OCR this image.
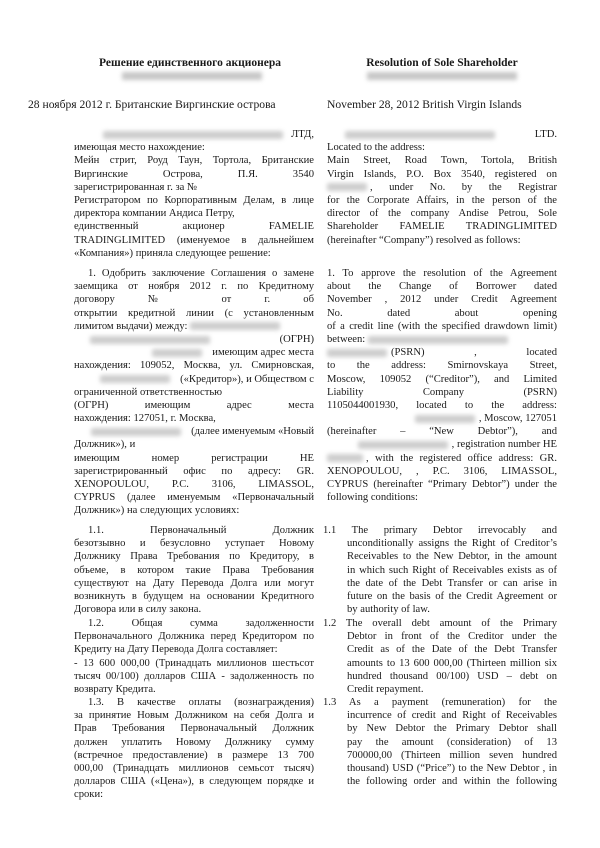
Решение единственного акционера
28 ноября 2012 г. Британские Виргинские острова
ЛТД,
имеющая место нахождение:
Мейн стрит, Роуд Таун, Тортола, Британские
Виргинские Острова, П.Я. 3540
зарегистрированная г. за №
Регистратором по Корпоративным Делам, в лице
директора компании Андиса Петру,
единственный акционер FAMELIE
TRADINGLIMITED (именуемое в дальнейшем
«Компания») приняла следующее решение:
1. Одобрить заключение Соглашения о замене
заемщика от ноября 2012 г. по Кредитному
договору № от г. об
открытии кредитной линии (с установленным
лимитом выдачи) между:
(ОГРН)
имеющим адрес места
нахождения: 109052, Москва, ул. Смирновская,
(«Кредитор»), и Обществом с
ограниченной ответственностью
(ОГРН) имеющим адрес места
нахождения: 127051, г. Москва,
(далее именуемым «Новый
Должник»), и
имеющим номер регистрации HE
зарегистрированный офис по адресу: GR.
XENOPOULOU, P.C. 3106, LIMASSOL,
CYPRUS (далее именуемым «Первоначальный
Должник») на следующих условиях:
1.1. Первоначальный Должник
безотзывно и безусловно уступает Новому
Должнику Права Требования по Кредитору, в
объеме, в котором такие Права Требования
существуют на Дату Перевода Долга или могут
возникнуть в будущем на основании Кредитного
Договора или в силу закона.
1.2. Общая сумма задолженности
Первоначального Должника перед Кредитором по
Кредиту на Дату Перевода Долга составляет:
- 13 600 000,00 (Тринадцать миллионов шестьсот
тысяч 00/100) долларов США - задолженность по
возврату Кредита.
1.3. В качестве оплаты (вознаграждения)
за принятие Новым Должником на себя Долга и
Прав Требования Первоначальный Должник
должен уплатить Новому Должнику сумму
(встречное предоставление) в размере 13 700
000,00 (Тринадцать миллионов семьсот тысяч)
долларов США («Цена»), в следующем порядке и
сроки:
Resolution of Sole Shareholder
November 28, 2012 British Virgin Islands
LTD.
Located to the address:
Main Street, Road Town, Tortola, British
Virgin Islands, P.O. Box 3540, registered on
, under No. by the Registrar
for the Corporate Affairs, in the person of the
director of the company Andise Petrou, Sole
Shareholder FAMELIE TRADINGLIMITED
(hereinafter “Company”) resolved as follows:
1. To approve the resolution of the Agreement
about the Change of Borrower dated
November , 2012 under Credit Agreement
No. dated about opening
of a credit line (with the specified drawdown limit)
between:
(PSRN) , located
to the address: Smirnovskaya Street,
Moscow, 109052 (“Creditor”), and Limited
Liability Company (PSRN)
1105044001930, located to the address:
, Moscow, 127051
(hereinafter – “New Debtor”), and
, registration number HE
, with the registered office address: GR.
XENOPOULOU, , P.C. 3106, LIMASSOL,
CYPRUS (hereinafter “Primary Debtor”) under the
following conditions:
1.1 The primary Debtor irrevocably and
unconditionally assigns the Right of Creditor’s
Receivables to the New Debtor, in the amount
in which such Right of Receivables exists as of
the date of the Debt Transfer or can arise in
future on the basis of the Credit Agreement or
by authority of law.
1.2 The overall debt amount of the Primary
Debtor in front of the Creditor under the
Credit as of the Date of the Debt Transfer
amounts to 13 600 000,00 (Thirteen million six
hundred thousand 00/100) USD – debt on
Credit repayment.
1.3 As a payment (remuneration) for the
incurrence of credit and Right of Receivables
by New Debtor the Primary Debtor shall
pay the amount (consideration) of 13
700000,00 (Thirteen million seven hundred
thousand) USD (“Price”) to the New Debtor , in
the following order and within the following
